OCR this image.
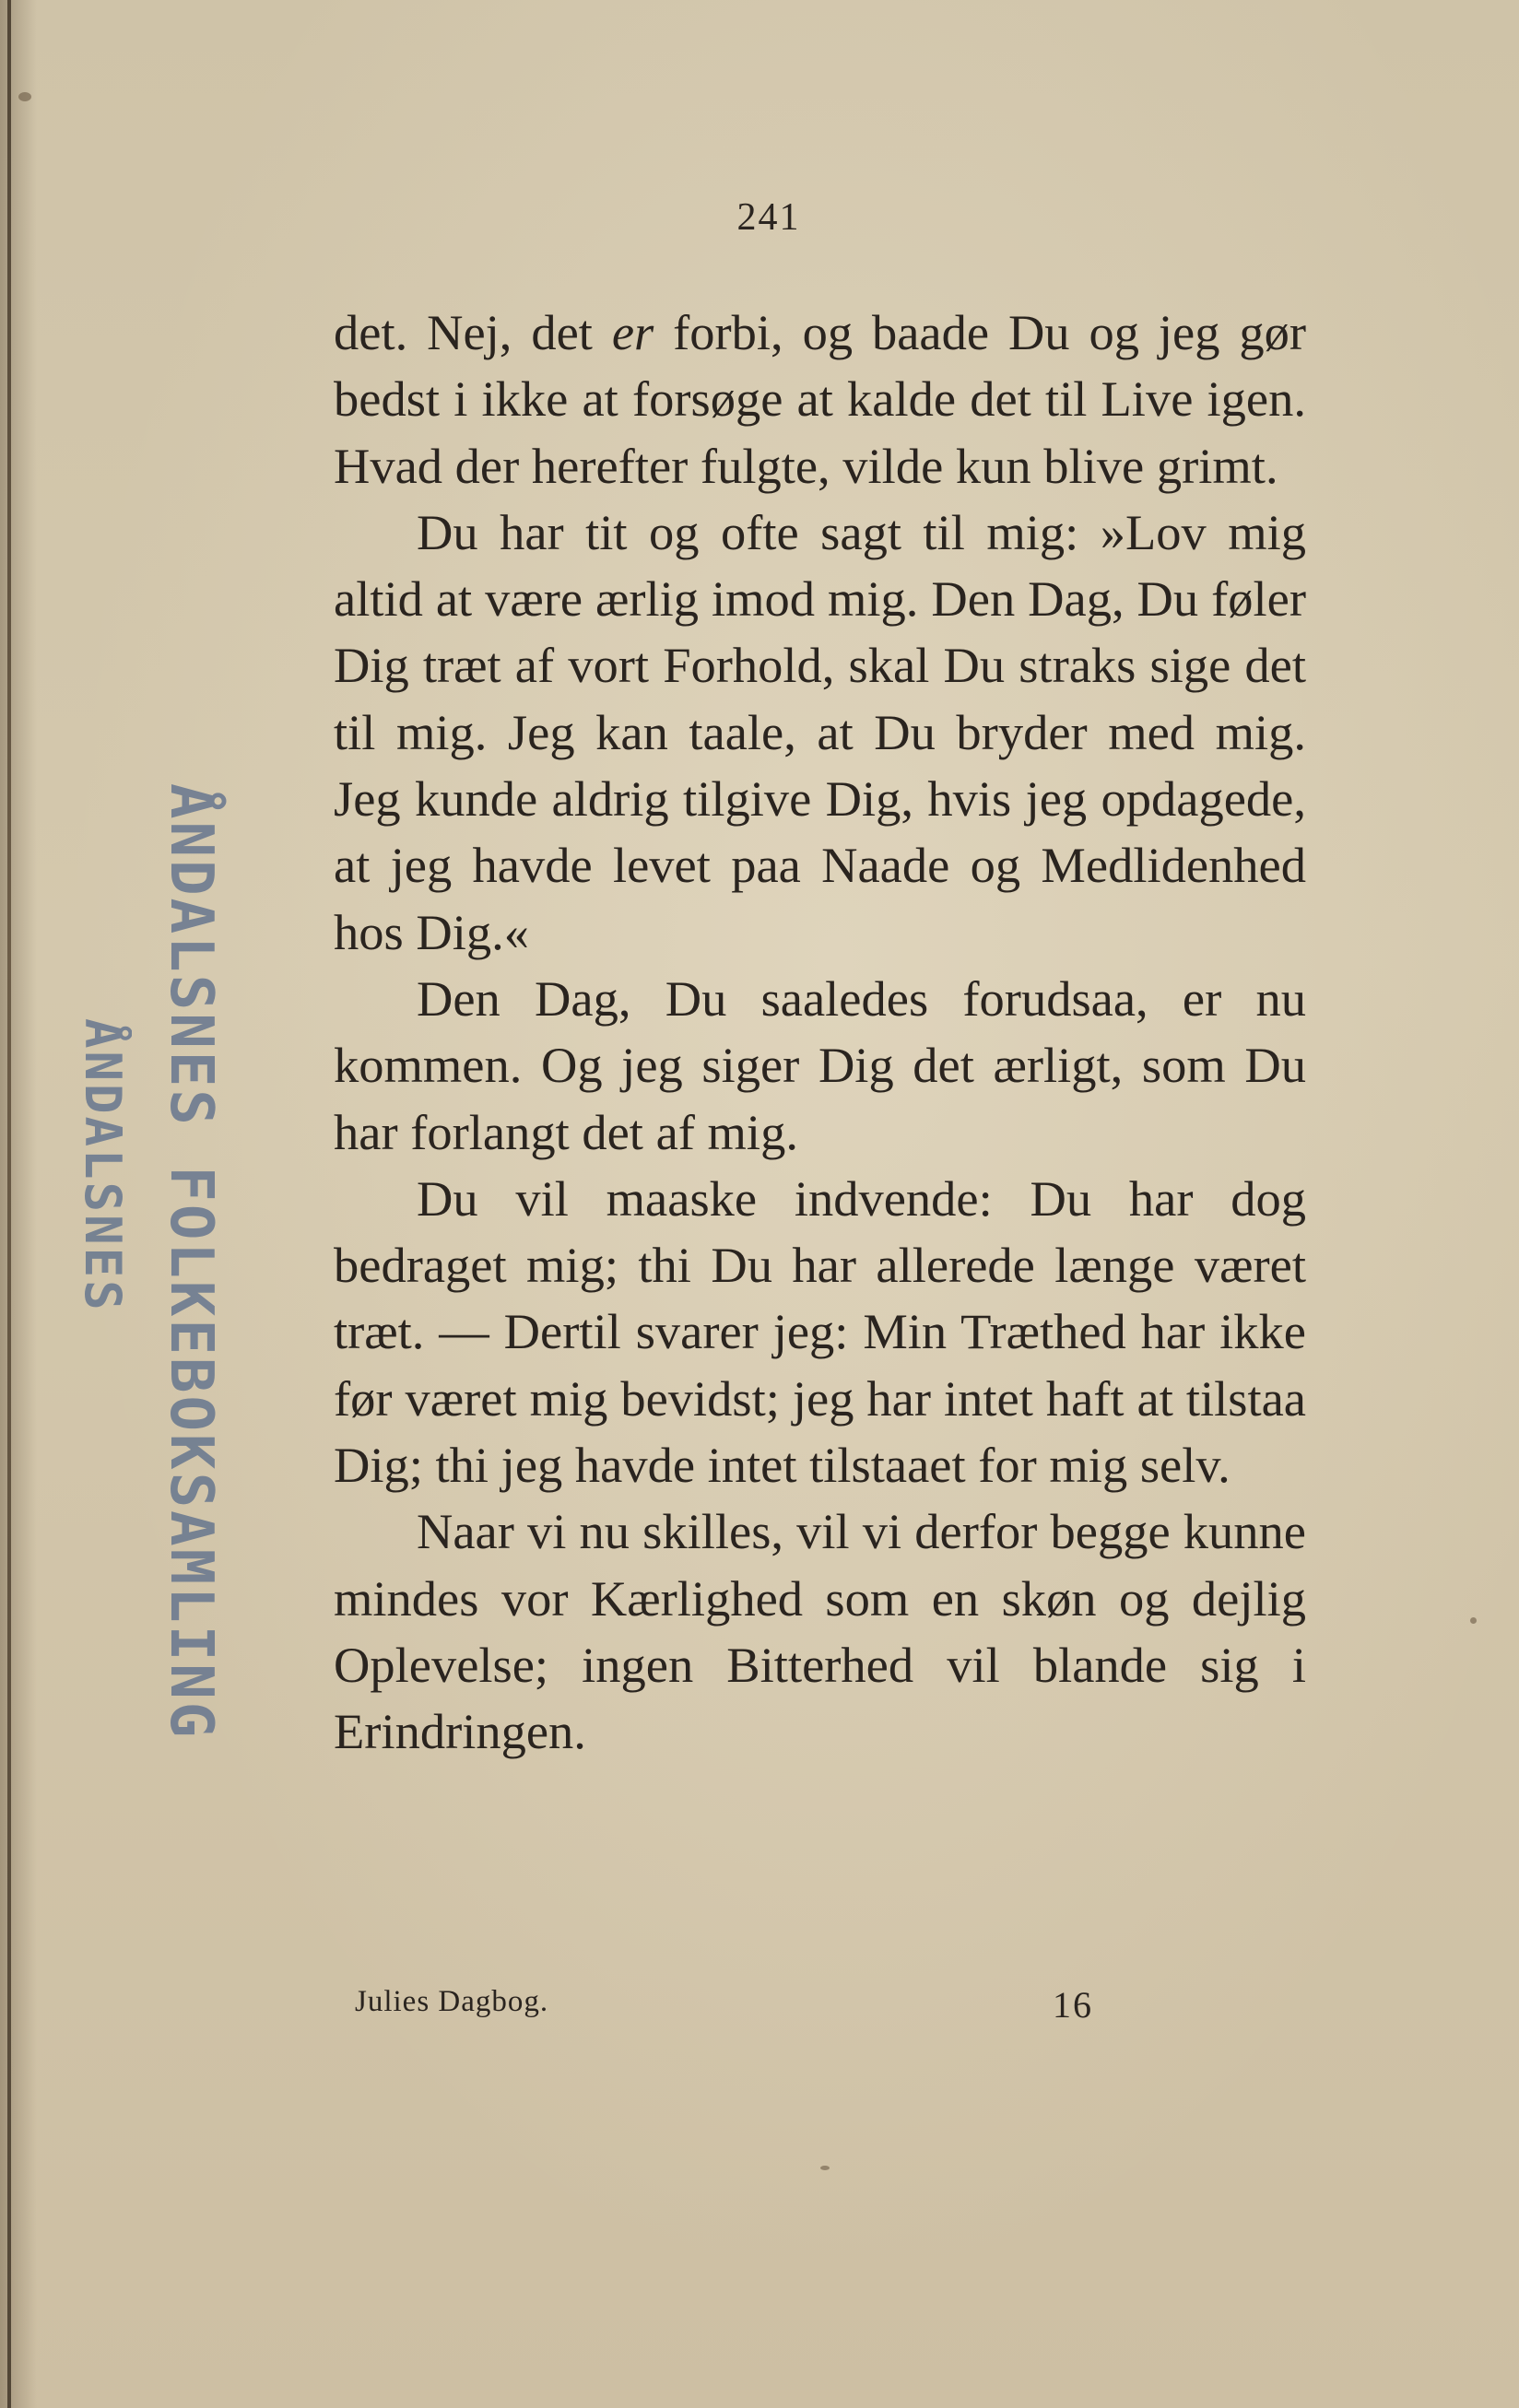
241

det. Nej, det er forbi, og baade Du og jeg gør bedst i ikke at forsøge at kalde det til Live igen. Hvad der herefter fulgte, vilde kun blive grimt.

Du har tit og ofte sagt til mig: »Lov mig altid at være ærlig imod mig. Den Dag, Du føler Dig træt af vort Forhold, skal Du straks sige det til mig. Jeg kan taale, at Du bryder med mig. Jeg kunde aldrig tilgive Dig, hvis jeg opdagede, at jeg havde levet paa Naade og Medlidenhed hos Dig.«

Den Dag, Du saaledes forudsaa, er nu kommen. Og jeg siger Dig det ærligt, som Du har forlangt det af mig.

Du vil maaske indvende: Du har dog bedraget mig; thi Du har allerede længe været træt. — Dertil svarer jeg: Min Træthed har ikke før været mig bevidst; jeg har intet haft at tilstaa Dig; thi jeg havde intet tilstaaet for mig selv.

Naar vi nu skilles, vil vi derfor begge kunne mindes vor Kærlighed som en skøn og dejlig Oplevelse; ingen Bitterhed vil blande sig i Erindringen.

Julies Dagbog.	16
ÅNDALSNES FOLKEBOKSAMLING
ÅNDALSNES
